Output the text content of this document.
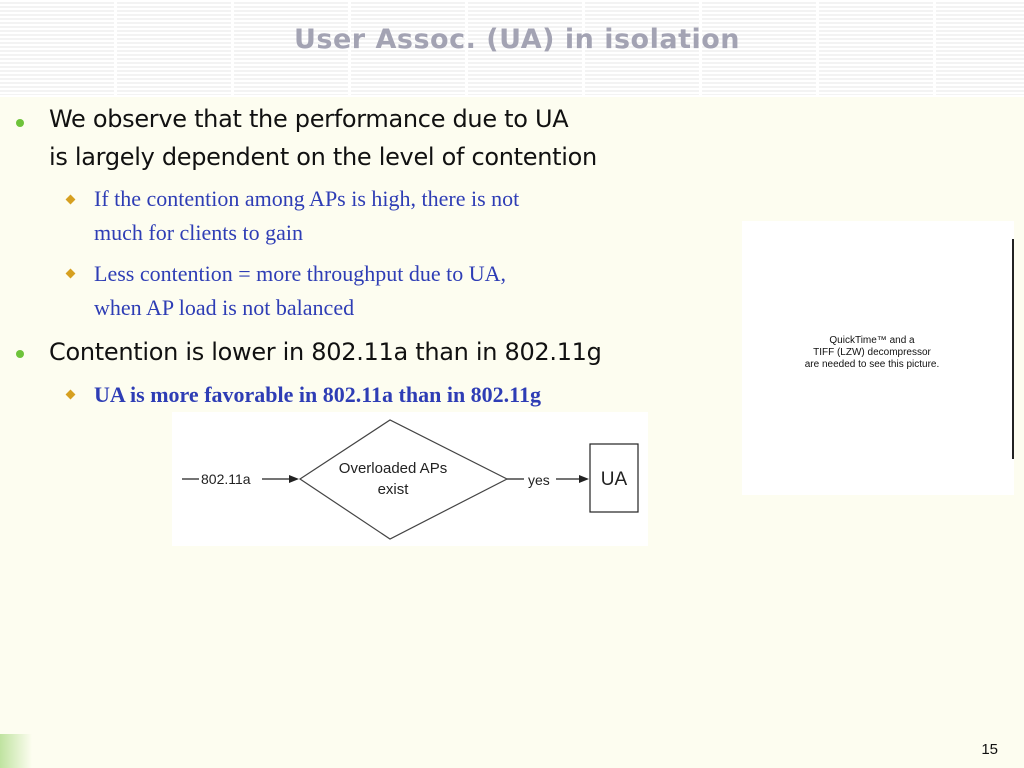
User Assoc. (UA) in isolation
We observe that the performance due to UA
is largely dependent on the level of contention
If the contention among APs is high, there is not
much for clients to gain
Less contention = more throughput due to UA,
when AP load is not balanced
Contention is lower in 802.11a than in 802.11g
UA is more favorable in 802.11a than in 802.11g
802.11a
Overloaded APs
exist
yes	UA
QuickTime™ and a
TIFF (LZW) decompressor
are needed to see this picture.
15
